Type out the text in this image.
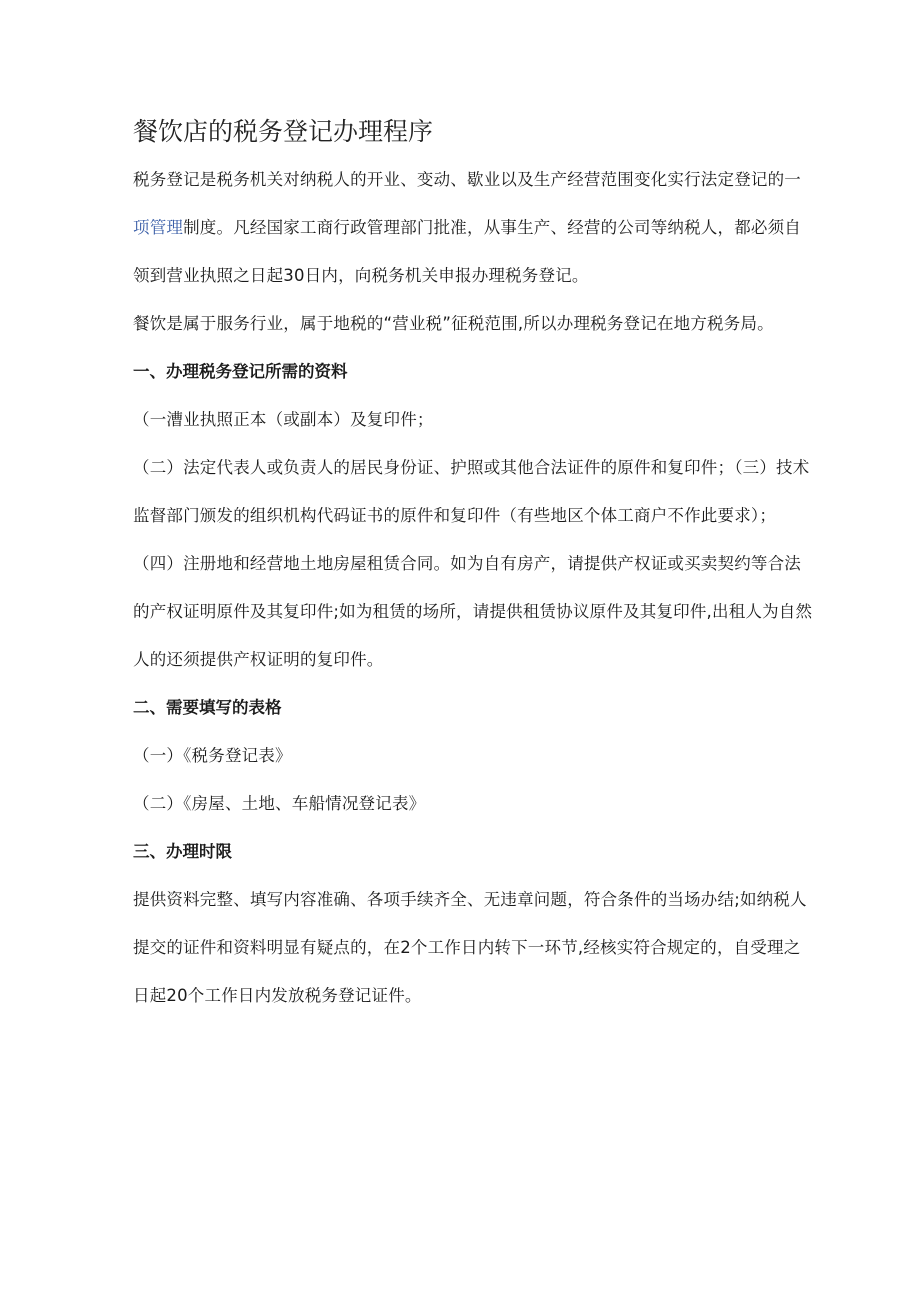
餐饮店的税务登记办理程序

税务登记是税务机关对纳税人的开业、变动、歇业以及生产经营范围变化实行法定登记的一项管理制度。凡经国家工商行政管理部门批准，从事生产、经营的公司等纳税人，都必须自领到营业执照之日起30日内，向税务机关申报办理税务登记。

餐饮是属于服务行业，属于地税的“营业税”征税范围,所以办理税务登记在地方税务局。

一、办理税务登记所需的资料

（一漕业执照正本（或副本）及复印件；

（二）法定代表人或负责人的居民身份证、护照或其他合法证件的原件和复印件；（三）技术监督部门颁发的组织机构代码证书的原件和复印件（有些地区个体工商户不作此要求）；

（四）注册地和经营地土地房屋租赁合同。如为自有房产，请提供产权证或买卖契约等合法的产权证明原件及其复印件;如为租赁的场所，请提供租赁协议原件及其复印件,出租人为自然人的还须提供产权证明的复印件。

二、需要填写的表格

（一）《税务登记表》

（二）《房屋、土地、车船情况登记表》

三、办理时限

提供资料完整、填写内容准确、各项手续齐全、无违章问题，符合条件的当场办结;如纳税人提交的证件和资料明显有疑点的，在2个工作日内转下一环节,经核实符合规定的，自受理之日起20个工作日内发放税务登记证件。
